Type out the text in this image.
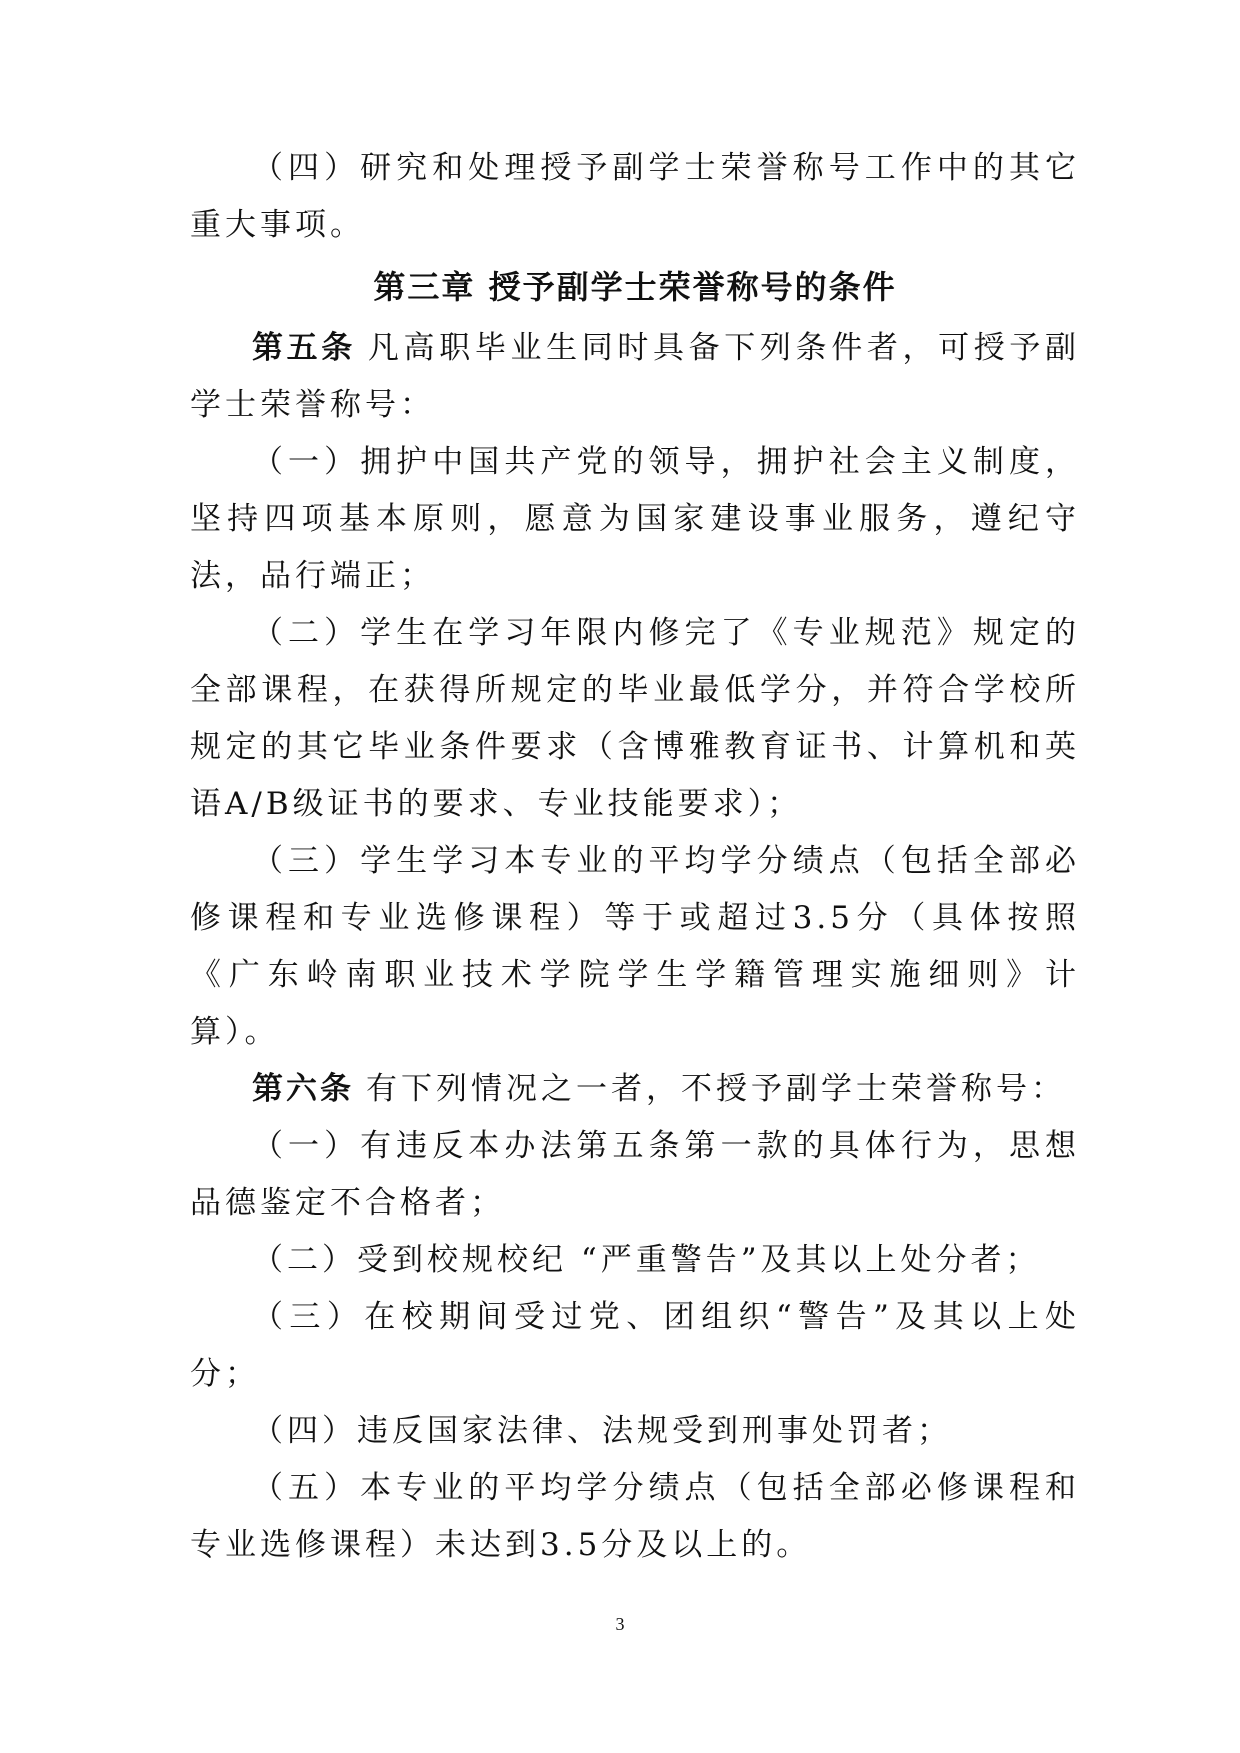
（四）研究和处理授予副学士荣誉称号工作中的其它重大事项。

第三章 授予副学士荣誉称号的条件

第五条 凡高职毕业生同时具备下列条件者，可授予副学士荣誉称号：

（一）拥护中国共产党的领导，拥护社会主义制度，坚持四项基本原则，愿意为国家建设事业服务，遵纪守法，品行端正；

（二）学生在学习年限内修完了《专业规范》规定的全部课程，在获得所规定的毕业最低学分，并符合学校所规定的其它毕业条件要求（含博雅教育证书、计算机和英语A/B级证书的要求、专业技能要求）；

（三）学生学习本专业的平均学分绩点（包括全部必修课程和专业选修课程）等于或超过3.5分（具体按照《广东岭南职业技术学院学生学籍管理实施细则》计算）。

第六条 有下列情况之一者，不授予副学士荣誉称号：

（一）有违反本办法第五条第一款的具体行为，思想品德鉴定不合格者；

（二）受到校规校纪 “严重警告”及其以上处分者；

（三）在校期间受过党、团组织“警告”及其以上处分；

（四）违反国家法律、法规受到刑事处罚者；

（五）本专业的平均学分绩点（包括全部必修课程和专业选修课程）未达到3.5分及以上的。

3
